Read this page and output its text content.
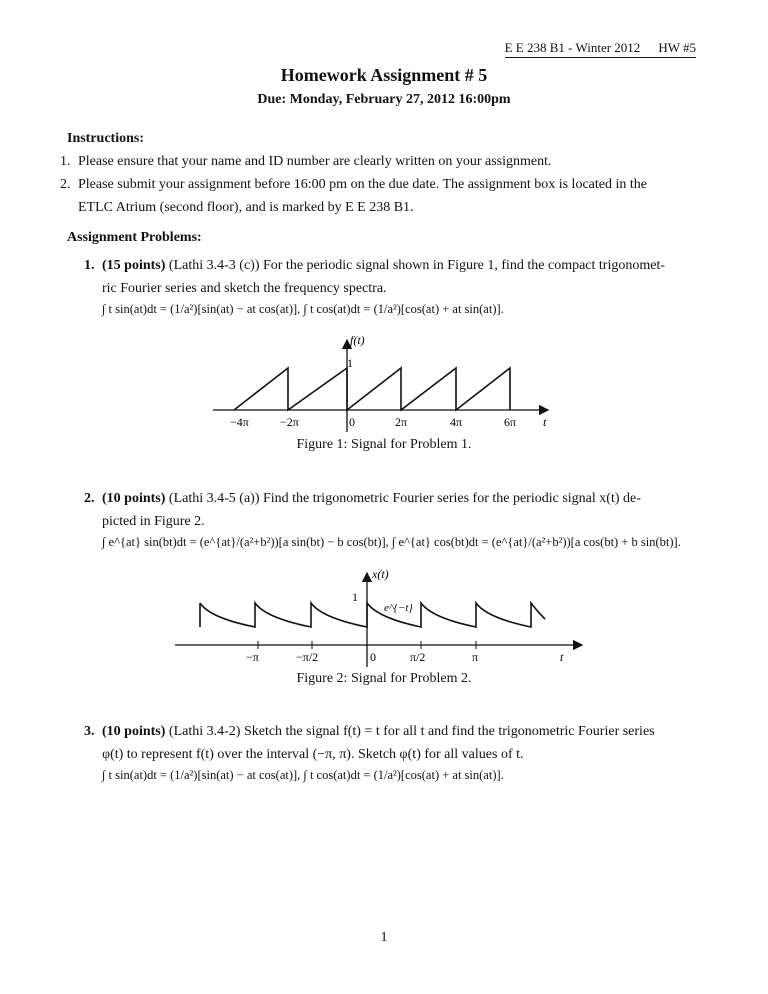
E E 238 B1 - Winter 2012 HW #5
Homework Assignment # 5
Due: Monday, February 27, 2012 16:00pm
Instructions:
1. Please ensure that your name and ID number are clearly written on your assignment.
2. Please submit your assignment before 16:00 pm on the due date. The assignment box is located in the
ETLC Atrium (second floor), and is marked by E E 238 B1.
Assignment Problems:
1. (15 points) (Lathi 3.4-3 (c)) For the periodic signal shown in Figure 1, find the compact trigonomet-
ric Fourier series and sketch the frequency spectra.
∫ t sin(at)dt = (1/a²)[sin(at) − at cos(at)], ∫ t cos(at)dt = (1/a²)[cos(at) + at sin(at)].
f(t)
1
t
−4π	−2π	0	2π	4π	6π
Figure 1: Signal for Problem 1.
2. (10 points) (Lathi 3.4-5 (a)) Find the trigonometric Fourier series for the periodic signal x(t) de-
picted in Figure 2.
∫ e^{at} sin(bt)dt = (e^{at}/(a²+b²))[a sin(bt) − b cos(bt)], ∫ e^{at} cos(bt)dt = (e^{at}/(a²+b²))[a cos(bt) + b sin(bt)].
x(t)
1
e^{−t}
t
−π	−π/2	0	π/2	π
Figure 2: Signal for Problem 2.
3. (10 points) (Lathi 3.4-2) Sketch the signal f(t) = t for all t and find the trigonometric Fourier series
φ(t) to represent f(t) over the interval (−π, π). Sketch φ(t) for all values of t.
∫ t sin(at)dt = (1/a²)[sin(at) − at cos(at)], ∫ t cos(at)dt = (1/a²)[cos(at) + at sin(at)].
1
